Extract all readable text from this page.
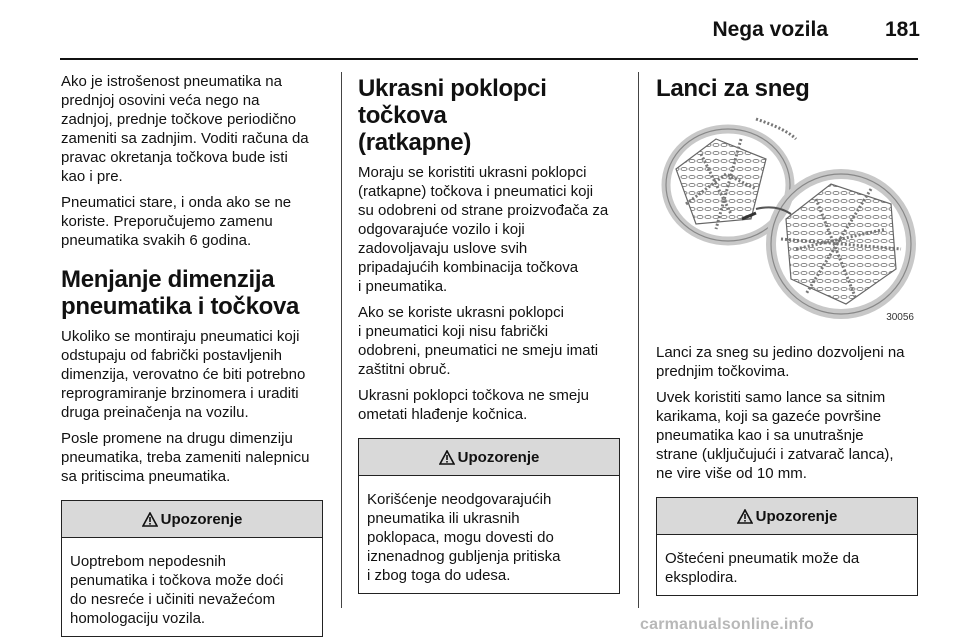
Nega vozila	181

Ako je istrošenost pneumatika na
prednjoj osovini veća nego na
zadnjoj, prednje točkove periodično
zameniti sa zadnjim. Voditi računa da
pravac okretanja točkova bude isti
kao i pre.

Pneumatici stare, i onda ako se ne
koriste. Preporučujemo zamenu
pneumatika svakih 6 godina.

Menjanje dimenzija
pneumatika i točkova

Ukoliko se montiraju pneumatici koji
odstupaju od fabrički postavljenih
dimenzija, verovatno će biti potrebno
reprogramiranje brzinomera i uraditi
druga preinačenja na vozilu.

Posle promene na drugu dimenziju
pneumatika, treba zameniti nalepnicu
sa pritiscima pneumatika.

Upozorenje
Uoptrebom nepodesnih
penumatika i točkova može doći
do nesreće i učiniti nevažećom
homologaciju vozila.
Ukrasni poklopci točkova
(ratkapne)

Moraju se koristiti ukrasni poklopci
(ratkapne) točkova i pneumatici koji
su odobreni od strane proizvođača za
odgovarajuće vozilo i koji
zadovoljavaju uslove svih
pripadajućih kombinacija točkova
i pneumatika.

Ako se koriste ukrasni poklopci
i pneumatici koji nisu fabrički
odobreni, pneumatici ne smeju imati
zaštitni obruč.

Ukrasni poklopci točkova ne smeju
ometati hlađenje kočnica.

Upozorenje
Korišćenje neodgovarajućih
pneumatika ili ukrasnih
poklopaca, mogu dovesti do
iznenadnog gubljenja pritiska
i zbog toga do udesa.
Lanci za sneg
30056

Lanci za sneg su jedino dozvoljeni na
prednjim točkovima.

Uvek koristiti samo lance sa sitnim
karikama, koji sa gazeće površine
pneumatika kao i sa unutrašnje
strane (uključujući i zatvarač lanca),
ne vire više od 10 mm.

Upozorenje
Oštećeni pneumatik može da
eksplodira.
carmanualsonline.info
